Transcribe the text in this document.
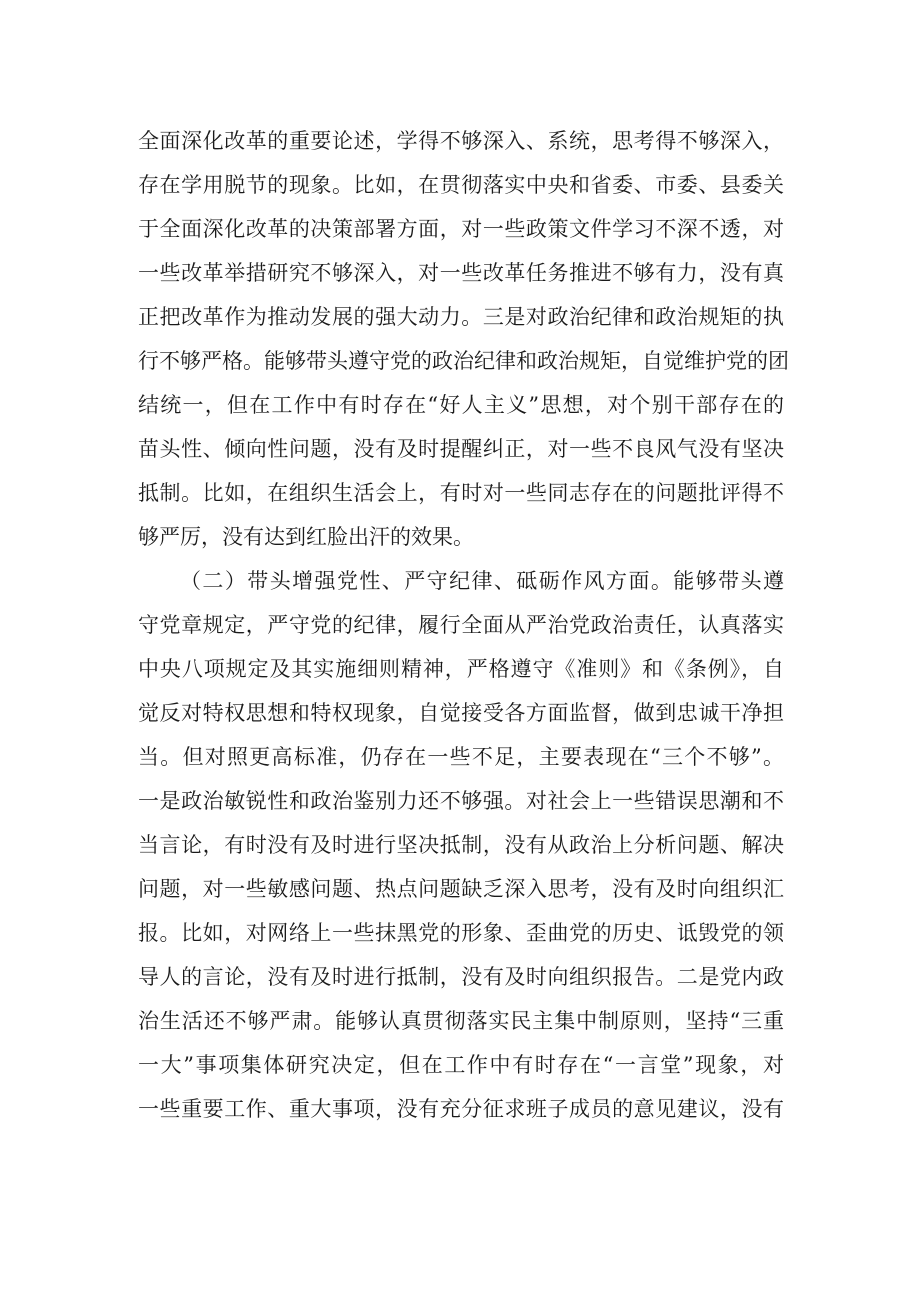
全面深化改革的重要论述，学得不够深入、系统，思考得不够深入，
存在学用脱节的现象。比如，在贯彻落实中央和省委、市委、县委关
于全面深化改革的决策部署方面，对一些政策文件学习不深不透，对
一些改革举措研究不够深入，对一些改革任务推进不够有力，没有真
正把改革作为推动发展的强大动力。三是对政治纪律和政治规矩的执
行不够严格。能够带头遵守党的政治纪律和政治规矩，自觉维护党的团
结统一，但在工作中有时存在“好人主义”思想，对个别干部存在的
苗头性、倾向性问题，没有及时提醒纠正，对一些不良风气没有坚决
抵制。比如，在组织生活会上，有时对一些同志存在的问题批评得不
够严厉，没有达到红脸出汗的效果。
（二）带头增强党性、严守纪律、砥砺作风方面。能够带头遵
守党章规定，严守党的纪律，履行全面从严治党政治责任，认真落实
中央八项规定及其实施细则精神，严格遵守《准则》和《条例》，自
觉反对特权思想和特权现象，自觉接受各方面监督，做到忠诚干净担
当。但对照更高标准，仍存在一些不足，主要表现在“三个不够”。
一是政治敏锐性和政治鉴别力还不够强。对社会上一些错误思潮和不
当言论，有时没有及时进行坚决抵制，没有从政治上分析问题、解决
问题，对一些敏感问题、热点问题缺乏深入思考，没有及时向组织汇
报。比如，对网络上一些抹黑党的形象、歪曲党的历史、诋毁党的领
导人的言论，没有及时进行抵制，没有及时向组织报告。二是党内政
治生活还不够严肃。能够认真贯彻落实民主集中制原则，坚持“三重
一大”事项集体研究决定，但在工作中有时存在“一言堂”现象，对
一些重要工作、重大事项，没有充分征求班子成员的意见建议，没有
